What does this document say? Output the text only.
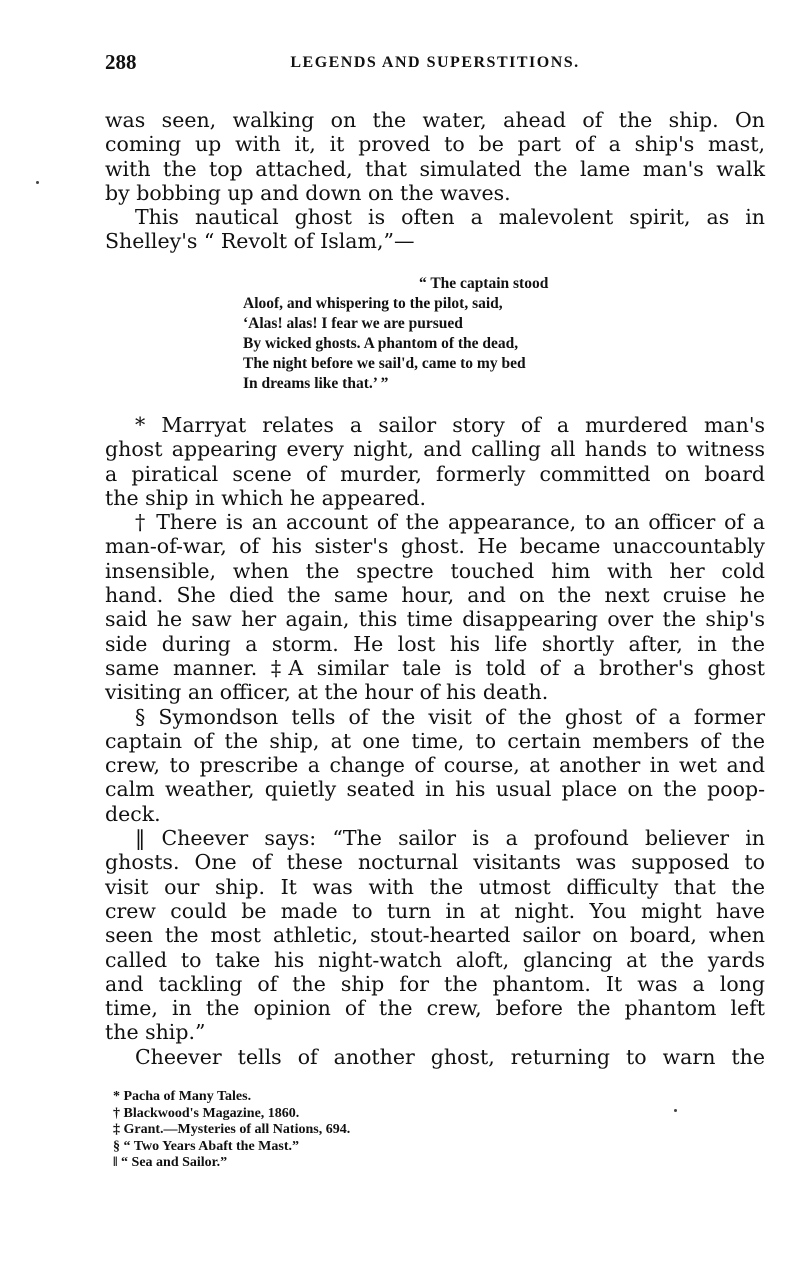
288	LEGENDS AND SUPERSTITIONS.
was seen, walking on the water, ahead of the ship. On
coming up with it, it proved to be part of a ship's mast,
with the top attached, that simulated the lame man's walk
by bobbing up and down on the waves.
This nautical ghost is often a malevolent spirit, as in
Shelley's “ Revolt of Islam,”—
“ The captain stood
Aloof, and whispering to the pilot, said,
‘Alas! alas! I fear we are pursued
By wicked ghosts. A phantom of the dead,
The night before we sail'd, came to my bed
In dreams like that.’ ”
* Marryat relates a sailor story of a murdered man's
ghost appearing every night, and calling all hands to witness
a piratical scene of murder, formerly committed on board
the ship in which he appeared.
† There is an account of the appearance, to an officer of a
man-of-war, of his sister's ghost. He became unaccountably
insensible, when the spectre touched him with her cold
hand. She died the same hour, and on the next cruise he
said he saw her again, this time disappearing over the ship's
side during a storm. He lost his life shortly after, in the
same manner. ‡A similar tale is told of a brother's ghost
visiting an officer, at the hour of his death.
§ Symondson tells of the visit of the ghost of a former
captain of the ship, at one time, to certain members of the
crew, to prescribe a change of course, at another in wet and
calm weather, quietly seated in his usual place on the poop-
deck.
‖ Cheever says: “The sailor is a profound believer in
ghosts. One of these nocturnal visitants was supposed to
visit our ship. It was with the utmost difficulty that the
crew could be made to turn in at night. You might have
seen the most athletic, stout-hearted sailor on board, when
called to take his night-watch aloft, glancing at the yards
and tackling of the ship for the phantom. It was a long
time, in the opinion of the crew, before the phantom left
the ship.”
Cheever tells of another ghost, returning to warn the
* Pacha of Many Tales.
† Blackwood's Magazine, 1860.
‡ Grant.—Mysteries of all Nations, 694.
§ “ Two Years Abaft the Mast.”
‖ “ Sea and Sailor.”
